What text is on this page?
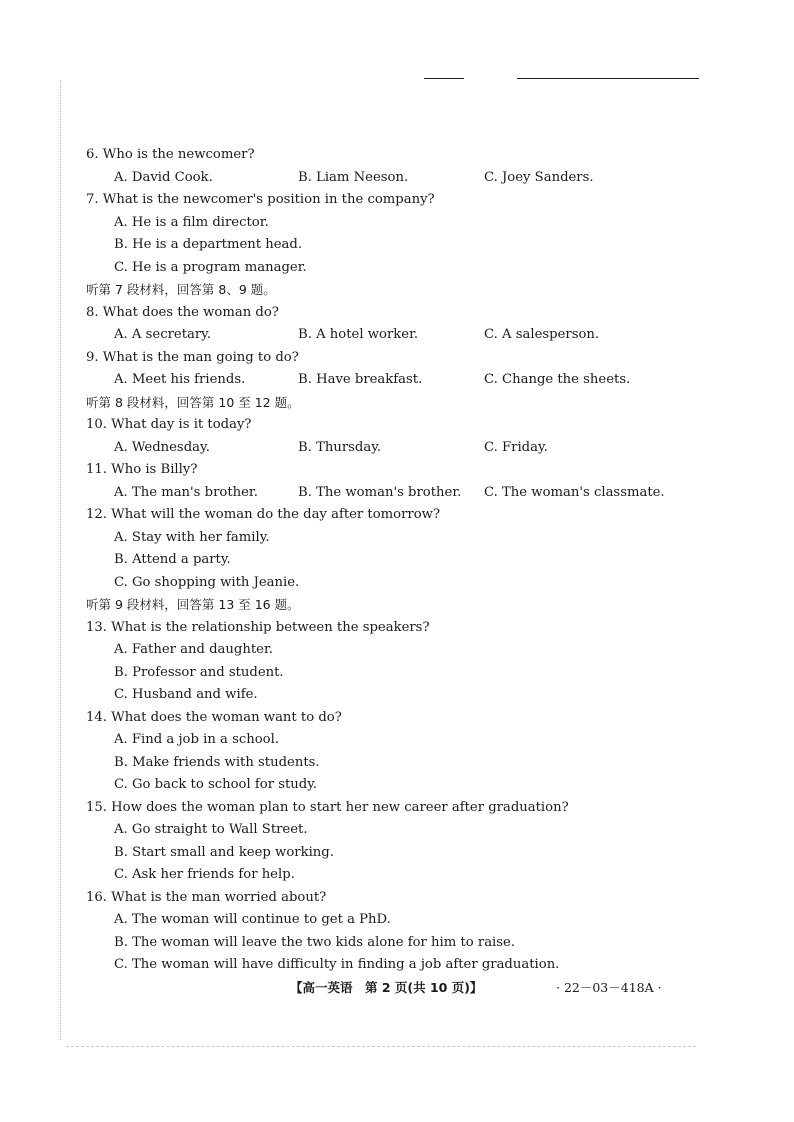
6. Who is the newcomer?
A. David Cook.	B. Liam Neeson.	C. Joey Sanders.
7. What is the newcomer's position in the company?
A. He is a film director.
B. He is a department head.
C. He is a program manager.
听第 7 段材料，回答第 8、9 题。
8. What does the woman do?
A. A secretary.	B. A hotel worker.	C. A salesperson.
9. What is the man going to do?
A. Meet his friends.	B. Have breakfast.	C. Change the sheets.
听第 8 段材料，回答第 10 至 12 题。
10. What day is it today?
A. Wednesday.	B. Thursday.	C. Friday.
11. Who is Billy?
A. The man's brother.	B. The woman's brother. C. The woman's classmate.
12. What will the woman do the day after tomorrow?
A. Stay with her family.
B. Attend a party.
C. Go shopping with Jeanie.
听第 9 段材料，回答第 13 至 16 题。
13. What is the relationship between the speakers?
A. Father and daughter.
B. Professor and student.
C. Husband and wife.
14. What does the woman want to do?
A. Find a job in a school.
B. Make friends with students.
C. Go back to school for study.
15. How does the woman plan to start her new career after graduation?
A. Go straight to Wall Street.
B. Start small and keep working.
C. Ask her friends for help.
16. What is the man worried about?
A. The woman will continue to get a PhD.
B. The woman will leave the two kids alone for him to raise.
C. The woman will have difficulty in finding a job after graduation.
【高一英语　第 2 页(共 10 页)】	· 22－03－418A ·
